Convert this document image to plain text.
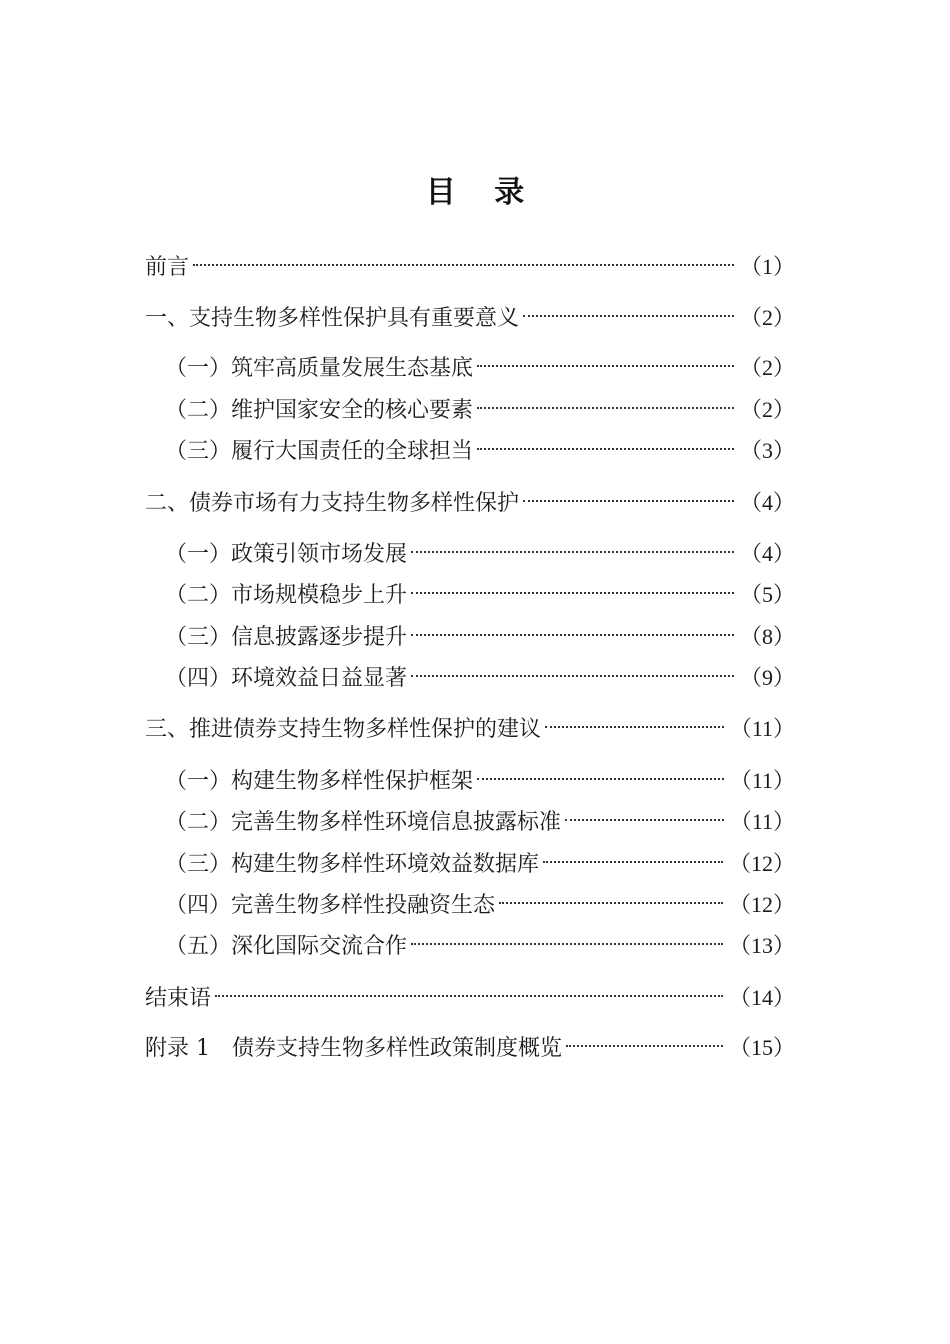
目 录
前言	（1）
一、支持生物多样性保护具有重要意义	（2）
（一）筑牢高质量发展生态基底	（2）
（二）维护国家安全的核心要素	（2）
（三）履行大国责任的全球担当	（3）
二、债券市场有力支持生物多样性保护	（4）
（一）政策引领市场发展	（4）
（二）市场规模稳步上升	（5）
（三）信息披露逐步提升	（8）
（四）环境效益日益显著	（9）
三、推进债券支持生物多样性保护的建议	（11）
（一）构建生物多样性保护框架	（11）
（二）完善生物多样性环境信息披露标准	（11）
（三）构建生物多样性环境效益数据库	（12）
（四）完善生物多样性投融资生态	（12）
（五）深化国际交流合作	（13）
结束语	（14）
附录 1　债券支持生物多样性政策制度概览	（15）
